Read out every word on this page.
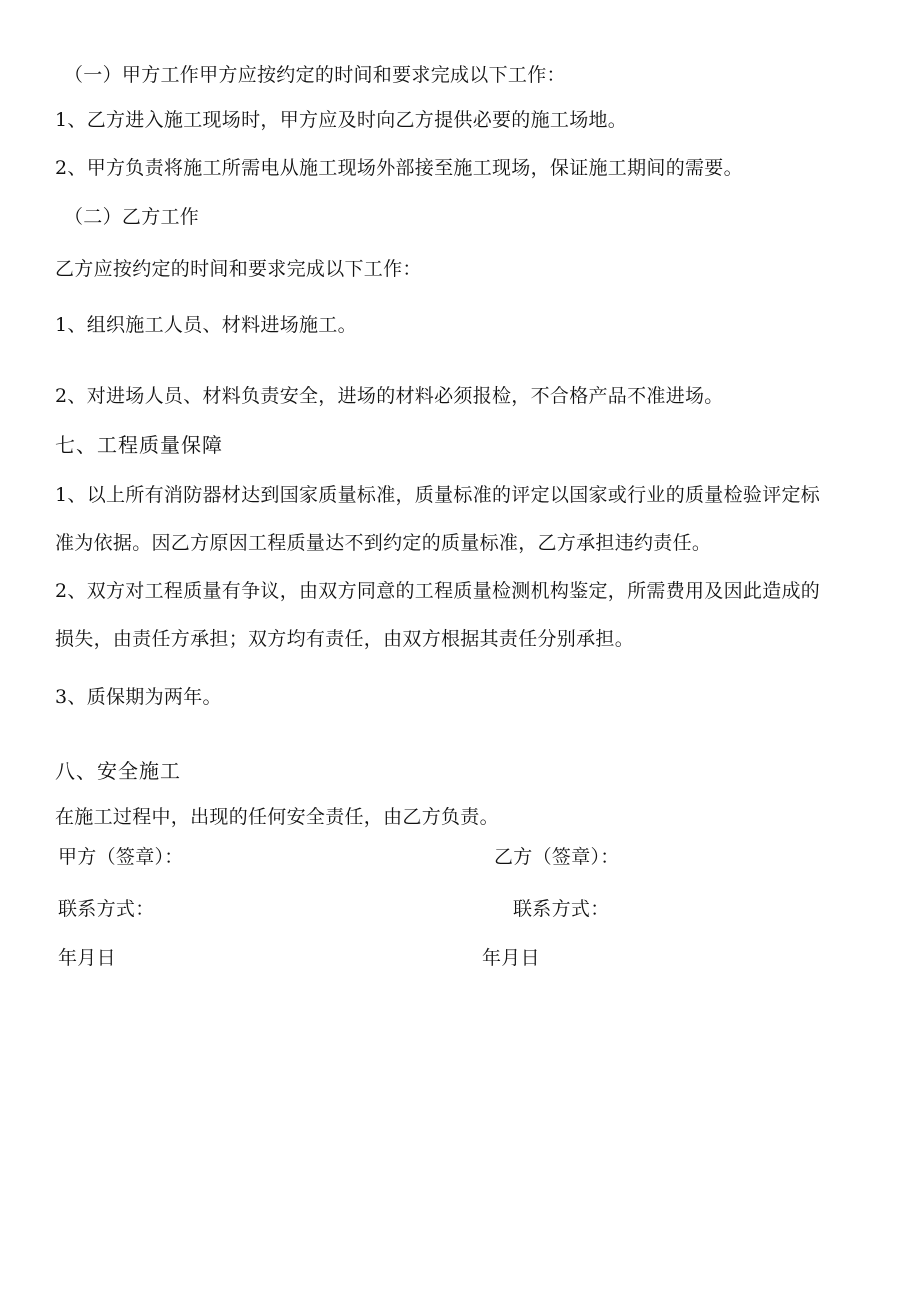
（一）甲方工作甲方应按约定的时间和要求完成以下工作：
1、乙方进入施工现场时，甲方应及时向乙方提供必要的施工场地。
2、甲方负责将施工所需电从施工现场外部接至施工现场，保证施工期间的需要。
（二）乙方工作
乙方应按约定的时间和要求完成以下工作：
1、组织施工人员、材料进场施工。
2、对进场人员、材料负责安全，进场的材料必须报检，不合格产品不准进场。
七、工程质量保障
1、以上所有消防器材达到国家质量标准，质量标准的评定以国家或行业的质量检验评定标
准为依据。因乙方原因工程质量达不到约定的质量标准，乙方承担违约责任。
2、双方对工程质量有争议，由双方同意的工程质量检测机构鉴定，所需费用及因此造成的
损失，由责任方承担；双方均有责任，由双方根据其责任分别承担。
3、质保期为两年。
八、安全施工
在施工过程中，出现的任何安全责任，由乙方负责。
甲方（签章）：	乙方（签章）：
联系方式：	联系方式：
年月日	年月日
